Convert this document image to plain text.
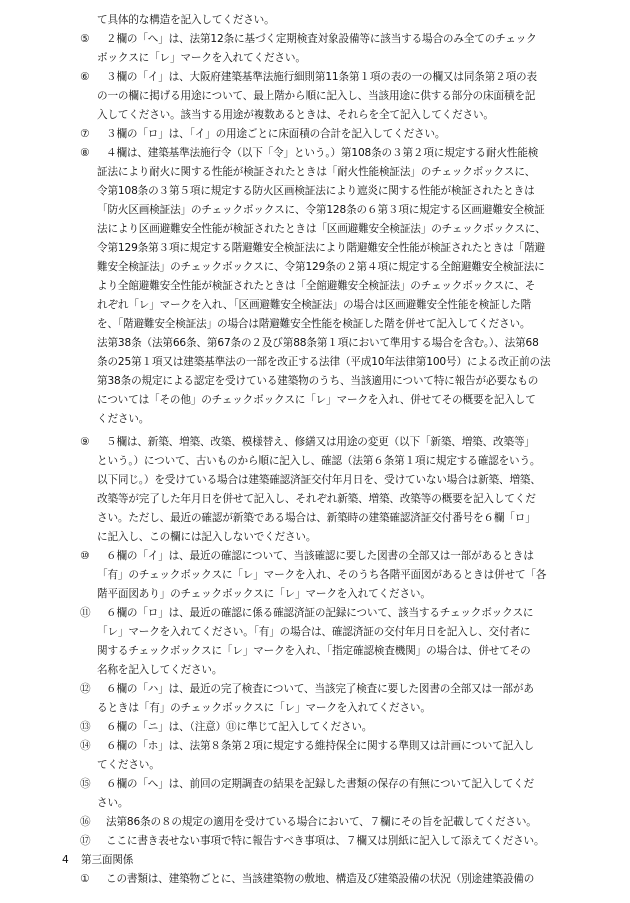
て具体的な構造を記入してください。
⑤ ２欄の「へ」は、法第12条に基づく定期検査対象設備等に該当する場合のみ全てのチェック
ボックスに「レ」マークを入れてください。
⑥ ３欄の「イ」は、大阪府建築基準法施行細則第11条第１項の表の一の欄又は同条第２項の表
の一の欄に掲げる用途について、最上階から順に記入し、当該用途に供する部分の床面積を記
入してください。該当する用途が複数あるときは、それらを全て記入してください。
⑦ ３欄の「ロ」は、「イ」の用途ごとに床面積の合計を記入してください。
⑧ ４欄は、建築基準法施行令（以下「令」という。）第108条の３第２項に規定する耐火性能検
証法により耐火に関する性能が検証されたときは「耐火性能検証法」のチェックボックスに、
令第108条の３第５項に規定する防火区画検証法により遮炎に関する性能が検証されたときは
「防火区画検証法」のチェックボックスに、令第128条の６第３項に規定する区画避難安全検証
法により区画避難安全性能が検証されたときは「区画避難安全検証法」のチェックボックスに、
令第129条第３項に規定する階避難安全検証法により階避難安全性能が検証されたときは「階避
難安全検証法」のチェックボックスに、令第129条の２第４項に規定する全館避難安全検証法に
より全館避難安全性能が検証されたときは「全館避難安全検証法」のチェックボックスに、そ
れぞれ「レ」マークを入れ、「区画避難安全検証法」の場合は区画避難安全性能を検証した階
を、「階避難安全検証法」の場合は階避難安全性能を検証した階を併せて記入してください。
法第38条（法第66条、第67条の２及び第88条第１項において準用する場合を含む。）、法第68
条の25第１項又は建築基準法の一部を改正する法律（平成10年法律第100号）による改正前の法
第38条の規定による認定を受けている建築物のうち、当該適用について特に報告が必要なもの
については「その他」のチェックボックスに「レ」マークを入れ、併せてその概要を記入して
ください。
⑨ ５欄は、新築、増築、改築、模様替え、修繕又は用途の変更（以下「新築、増築、改築等」
という。）について、古いものから順に記入し、確認（法第６条第１項に規定する確認をいう。
以下同じ。）を受けている場合は建築確認済証交付年月日を、受けていない場合は新築、増築、
改築等が完了した年月日を併せて記入し、それぞれ新築、増築、改築等の概要を記入してくだ
さい。ただし、最近の確認が新築である場合は、新築時の建築確認済証交付番号を６欄「ロ」
に記入し、この欄には記入しないでください。
⑩ ６欄の「イ」は、最近の確認について、当該確認に要した図書の全部又は一部があるときは
「有」のチェックボックスに「レ」マークを入れ、そのうち各階平面図があるときは併せて「各
階平面図あり」のチェックボックスに「レ」マークを入れてください。
⑪ ６欄の「ロ」は、最近の確認に係る確認済証の記録について、該当するチェックボックスに
「レ」マークを入れてください。「有」の場合は、確認済証の交付年月日を記入し、交付者に
関するチェックボックスに「レ」マークを入れ、「指定確認検査機関」の場合は、併せてその
名称を記入してください。
⑫ ６欄の「ハ」は、最近の完了検査について、当該完了検査に要した図書の全部又は一部があ
るときは「有」のチェックボックスに「レ」マークを入れてください。
⑬ ６欄の「ニ」は、（注意）⑪に準じて記入してください。
⑭ ６欄の「ホ」は、法第８条第２項に規定する維持保全に関する準則又は計画について記入し
てください。
⑮ ６欄の「へ」は、前回の定期調査の結果を記録した書類の保存の有無について記入してくだ
さい。
⑯ 法第86条の８の規定の適用を受けている場合において、７欄にその旨を記載してください。
⑰ ここに書き表せない事項で特に報告すべき事項は、７欄又は別紙に記入して添えてください。
4 第三面関係
① この書類は、建築物ごとに、当該建築物の敷地、構造及び建築設備の状況（別途建築設備の
